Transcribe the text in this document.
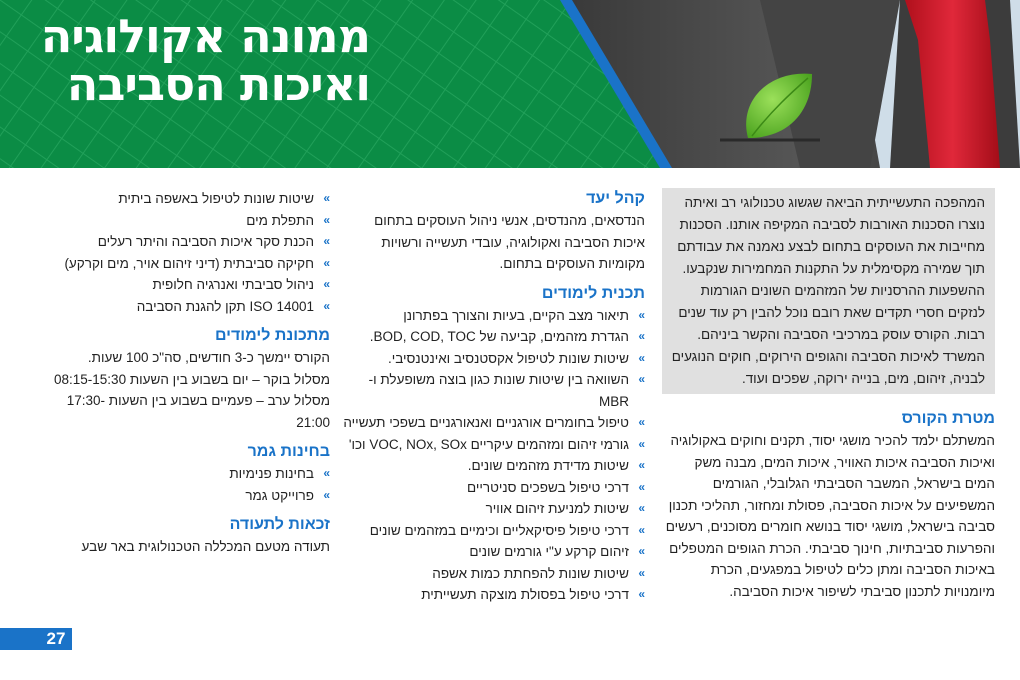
ממונה אקולוגיה
ואיכות הסביבה
המהפכה התעשייתית הביאה שגשוג טכנולוגי רב ואיתה נוצרו הסכנות האורבות לסביבה המקיפה אותנו. הסכנות מחייבות את העוסקים בתחום לבצע נאמנה את עבודתם תוך שמירה מקסימלית על התקנות המחמירות שנקבעו. ההשפעות ההרסניות של המזהמים השונים הגורמות לנזקים חסרי תקדים שאת רובם נוכל להבין רק עוד שנים רבות. הקורס עוסק במרכיבי הסביבה והקשר ביניהם. המשרד לאיכות הסביבה והגופים הירוקים, חוקים הנוגעים לבניה, זיהום, מים, בנייה ירוקה, שפכים ועוד.
מטרת הקורס

המשתלם ילמד להכיר מושגי יסוד, תקנים וחוקים באקולוגיה ואיכות הסביבה איכות האוויר, איכות המים, מבנה משק המים בישראל, המשבר הסביבתי הגלובלי, הגורמים המשפיעים על איכות הסביבה, פסולת ומחזור, תהליכי תכנון סביבה בישראל, מושגי יסוד בנושא חומרים מסוכנים, רעשים והפרעות סביבתיות, חינוך סביבתי. הכרת הגופים המטפלים באיכות הסביבה ומתן כלים לטיפול במפגעים, הכרת מיומנויות לתכנון סביבתי לשיפור איכות הסביבה.

קהל יעד

הנדסאים, מהנדסים, אנשי ניהול העוסקים בתחום איכות הסביבה ואקולוגיה, עובדי תעשייה ורשויות מקומיות העוסקים בתחום.

תכנית לימודים
»
תיאור מצב הקיים, בעיות והצורך בפתרונן
»
הגדרת מזהמים, קביעה של BOD, COD, TOC.
»
שיטות שונות לטיפול אקסטנסיב ואינטנסיבי.
»
השוואה בין שיטות שונות כגון בוצה משופעלת ו-MBR
»
טיפול בחומרים אורגניים ואנאורגניים בשפכי תעשייה
»
גורמי זיהום ומזהמים עיקריים VOC, NOx, SOx וכו'
»
שיטות מדידת מזהמים שונים.
»
דרכי טיפול בשפכים סניטריים
»
שיטות למניעת זיהום אוויר
»
דרכי טיפול פיסיקאליים וכימיים במזהמים שונים
»
זיהום קרקע ע"י גורמים שונים
»
שיטות שונות להפחתת כמות אשפה
»
דרכי טיפול בפסולת מוצקה תעשייתית
»
שיטות שונות לטיפול באשפה ביתית
»
התפלת מים
»
הכנת סקר איכות הסביבה והיתר רעלים
»
חקיקה סביבתית (דיני זיהום אויר, מים וקרקע)
»
ניהול סביבתי ואנרגיה חלופית
»
ISO 14001 תקן להגנת הסביבה
מתכונת לימודים

הקורס יימשך כ-3 חודשים, סה"כ 100 שעות.

מסלול בוקר – יום בשבוע בין השעות 08:15-15:30

מסלול ערב – פעמיים בשבוע בין השעות 17:30-21:00

בחינות גמר
»
בחינות פנימיות
»
פרוייקט גמר
זכאות לתעודה

תעודה מטעם המכללה הטכנולוגית באר שבע

27
